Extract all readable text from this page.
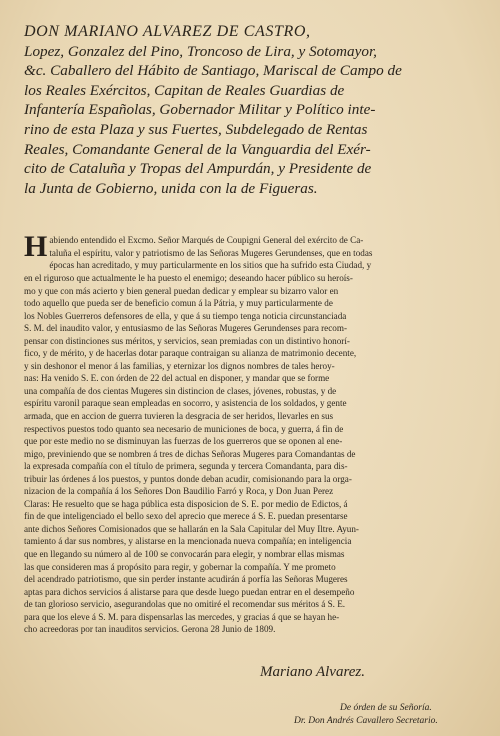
DON MARIANO ALVAREZ DE CASTRO,
Lopez, Gonzalez del Pino, Troncoso de Lira, y Sotomayor,
&c. Caballero del Hábito de Santiago, Mariscal de Campo de
los Reales Exércitos, Capitan de Reales Guardias de
Infantería Españolas, Gobernador Militar y Político inte-
rino de esta Plaza y sus Fuertes, Subdelegado de Rentas
Reales, Comandante General de la Vanguardia del Exér-
cito de Cataluña y Tropas del Ampurdán, y Presidente de
la Junta de Gobierno, unida con la de Figueras.
H abiendo entendido el Excmo. Señor Marqués de Coupigni General del exército de Ca-
taluña el espíritu, valor y patriotismo de las Señoras Mugeres Gerundenses, que en todas
épocas han acreditado, y muy particularmente en los sitios que ha sufrido esta Ciudad, y
en el riguroso que actualmente le ha puesto el enemigo; deseando hacer público su heroís-
mo y que con más acierto y bien general puedan dedicar y emplear su bizarro valor en
todo aquello que pueda ser de beneficio comun á la Pátria, y muy particularmente de
los Nobles Guerreros defensores de ella, y que á su tiempo tenga noticia circunstanciada
S. M. del inaudito valor, y entusiasmo de las Señoras Mugeres Gerundenses para recom-
pensar con distinciones sus méritos, y servicios, sean premiadas con un distintivo honorí-
fico, y de mérito, y de hacerlas dotar paraque contraigan su alianza de matrimonio decente,
y sin deshonor el menor á las familias, y eternizar los dignos nombres de tales heroy-
nas: Ha venido S. E. con órden de 22 del actual en disponer, y mandar que se forme
una compañía de dos cientas Mugeres sin distincion de clases, jóvenes, robustas, y de
espíritu varonil paraque sean empleadas en socorro, y asistencia de los soldados, y gente
armada, que en accion de guerra tuvieren la desgracia de ser heridos, llevarles en sus
respectivos puestos todo quanto sea necesario de municiones de boca, y guerra, á fin de
que por este medio no se disminuyan las fuerzas de los guerreros que se oponen al ene-
migo, previniendo que se nombren á tres de dichas Señoras Mugeres para Comandantas de
la expresada compañía con el título de primera, segunda y tercera Comandanta, para dis-
tribuir las órdenes á los puestos, y puntos donde deban acudir, comisionando para la orga-
nizacion de la compañía á los Señores Don Baudilio Farró y Roca, y Don Juan Perez
Claras: He resuelto que se haga pública esta disposicion de S. E. por medio de Edictos, á
fin de que inteligenciado el bello sexo del aprecio que merece á S. E. puedan presentarse
ante dichos Señores Comisionados que se hallarán en la Sala Capitular del Muy Iltre. Ayun-
tamiento á dar sus nombres, y alistarse en la mencionada nueva compañía; en inteligencia
que en llegando su número al de 100 se convocarán para elegir, y nombrar ellas mismas
las que consideren mas á propósito para regir, y gobernar la compañía. Y me prometo
del acendrado patriotismo, que sin perder instante acudirán á porfía las Señoras Mugeres
aptas para dichos servicios á alistarse para que desde luego puedan entrar en el desempeño
de tan glorioso servicio, asegurandolas que no omitiré el recomendar sus méritos á S. E.
para que los eleve á S. M. para dispensarlas las mercedes, y gracias á que se hayan he-
cho acreedoras por tan inauditos servicios. Gerona 28 Junio de 1809.
Mariano Alvarez.
De órden de su Señoría.
Dr. Don Andrés Cavallero Secretario.
